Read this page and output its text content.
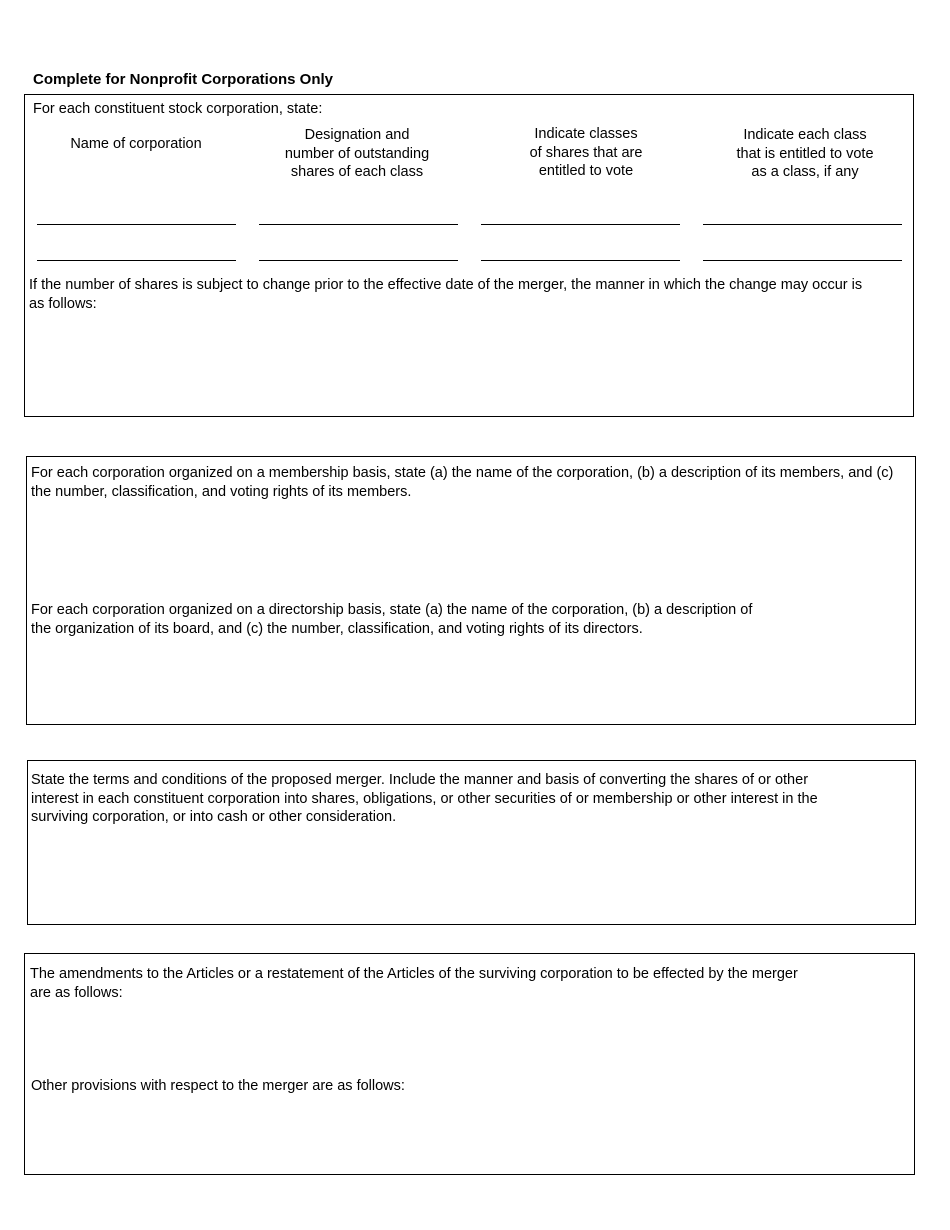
Complete for Nonprofit Corporations Only
For each constituent stock corporation, state:
Name of corporation
Designation and
number of outstanding
shares of each class
Indicate classes
of shares that are
entitled to vote
Indicate each class
that is entitled to vote
as a class, if any
If the number of shares is subject to change prior to the effective date of the merger, the manner in which the change may occur is as follows:
For each corporation organized on a membership basis, state (a) the name of the corporation, (b) a description of its members, and (c) the number, classification, and voting rights of its members.
For each corporation organized on a directorship basis, state (a) the name of the corporation, (b) a description of
the organization of its board, and (c) the number, classification, and voting rights of its directors.
State the terms and conditions of the proposed merger. Include the manner and basis of converting the shares of or other
interest in each constituent corporation into shares, obligations, or other securities of or membership or other interest in the
surviving corporation, or into cash or other consideration.
The amendments to the Articles or a restatement of the Articles of the surviving corporation to be effected by the merger
are as follows:
Other provisions with respect to the merger are as follows:
